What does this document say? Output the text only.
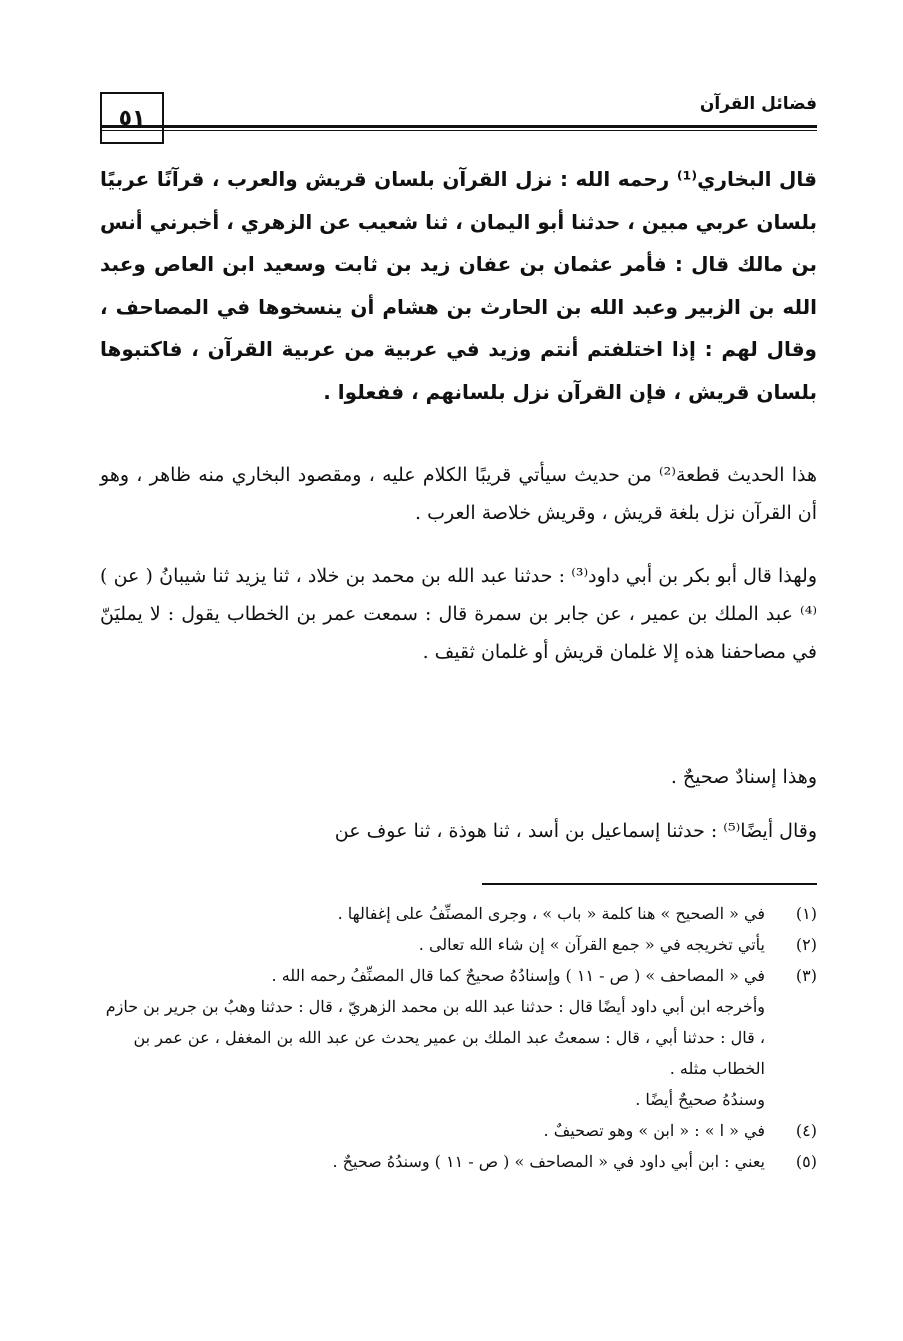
٥١
فضائل القرآن
قال البخاري⁽¹⁾ رحمه الله : نزل القرآن بلسان قريش والعرب ، قرآنًا عربيًا بلسان عربي مبين ، حدثنا أبو اليمان ، ثنا شعيب عن الزهري ، أخبرني أنس بن مالك قال : فأمر عثمان بن عفان زيد بن ثابت وسعيد ابن العاص وعبد الله بن الزبير وعبد الله بن الحارث بن هشام أن ينسخوها في المصاحف ، وقال لهم : إذا اختلفتم أنتم وزيد في عربية من عربية القرآن ، فاكتبوها بلسان قريش ، فإن القرآن نزل بلسانهم ، ففعلوا .
هذا الحديث قطعة⁽²⁾ من حديث سيأتي قريبًا الكلام عليه ، ومقصود البخاري منه ظاهر ، وهو أن القرآن نزل بلغة قريش ، وقريش خلاصة العرب .
ولهذا قال أبو بكر بن أبي داود⁽³⁾ : حدثنا عبد الله بن محمد بن خلاد ، ثنا يزيد ثنا شيبانُ ( عن )⁽⁴⁾ عبد الملك بن عمير ، عن جابر بن سمرة قال : سمعت عمر بن الخطاب يقول : لا يمليَنّ في مصاحفنا هذه إلا غلمان قريش أو غلمان ثقيف .
وهذا إسنادٌ صحيحٌ .
وقال أيضًا⁽⁵⁾ : حدثنا إسماعيل بن أسد ، ثنا هوذة ، ثنا عوف عن
(١)
في « الصحيح » هنا كلمة « باب » ، وجرى المصنِّفُ على إغفالها .
(٢)
يأتي تخريجه في « جمع القرآن » إن شاء الله تعالى .
(٣)
في « المصاحف » ( ص - ١١ ) وإسنادُهُ صحيحٌ كما قال المصنِّفُ رحمه الله .
وأخرجه ابن أبي داود أيضًا قال : حدثنا عبد الله بن محمد الزهريّ ، قال : حدثنا وهبُ بن جرير بن حازم ، قال : حدثنا أبي ، قال : سمعتُ عبد الملك بن عمير يحدث عن عبد الله بن المغفل ، عن عمر بن الخطاب مثله .
وسندُهُ صحيحٌ أيضًا .
(٤)
في « ا » : « ابن » وهو تصحيفٌ .
(٥)
يعني : ابن أبي داود في « المصاحف » ( ص - ١١ ) وسندُهُ صحيحٌ .
